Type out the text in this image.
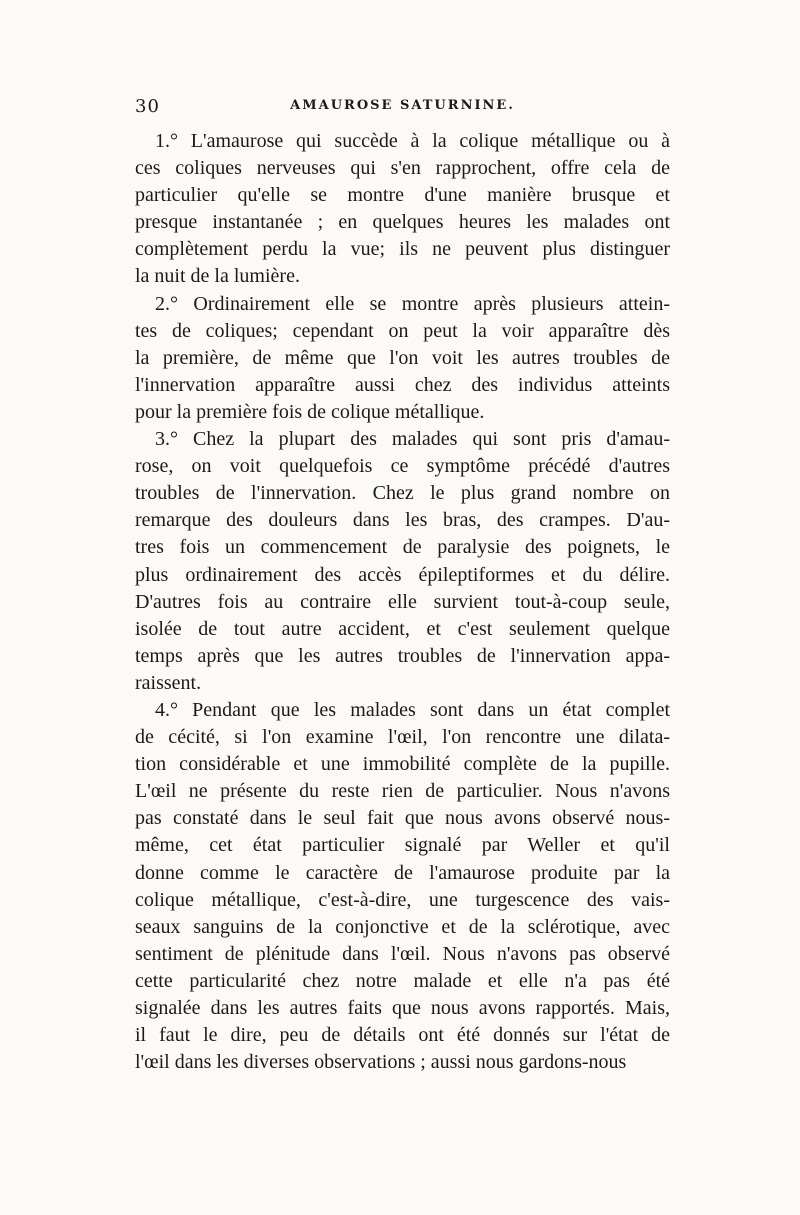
30	AMAUROSE SATURNINE.
1.° L'amaurose qui succède à la colique métallique ou à
ces coliques nerveuses qui s'en rapprochent, offre cela de
particulier qu'elle se montre d'une manière brusque et
presque instantanée ; en quelques heures les malades ont
complètement perdu la vue; ils ne peuvent plus distinguer
la nuit de la lumière.
2.° Ordinairement elle se montre après plusieurs attein-
tes de coliques; cependant on peut la voir apparaître dès
la première, de même que l'on voit les autres troubles de
l'innervation apparaître aussi chez des individus atteints
pour la première fois de colique métallique.
3.° Chez la plupart des malades qui sont pris d'amau-
rose, on voit quelquefois ce symptôme précédé d'autres
troubles de l'innervation. Chez le plus grand nombre on
remarque des douleurs dans les bras, des crampes. D'au-
tres fois un commencement de paralysie des poignets, le
plus ordinairement des accès épileptiformes et du délire.
D'autres fois au contraire elle survient tout-à-coup seule,
isolée de tout autre accident, et c'est seulement quelque
temps après que les autres troubles de l'innervation appa-
raissent.
4.° Pendant que les malades sont dans un état complet
de cécité, si l'on examine l'œil, l'on rencontre une dilata-
tion considérable et une immobilité complète de la pupille.
L'œil ne présente du reste rien de particulier. Nous n'avons
pas constaté dans le seul fait que nous avons observé nous-
même, cet état particulier signalé par Weller et qu'il
donne comme le caractère de l'amaurose produite par la
colique métallique, c'est-à-dire, une turgescence des vais-
seaux sanguins de la conjonctive et de la sclérotique, avec
sentiment de plénitude dans l'œil. Nous n'avons pas observé
cette particularité chez notre malade et elle n'a pas été
signalée dans les autres faits que nous avons rapportés. Mais,
il faut le dire, peu de détails ont été donnés sur l'état de
l'œil dans les diverses observations ; aussi nous gardons-nous
